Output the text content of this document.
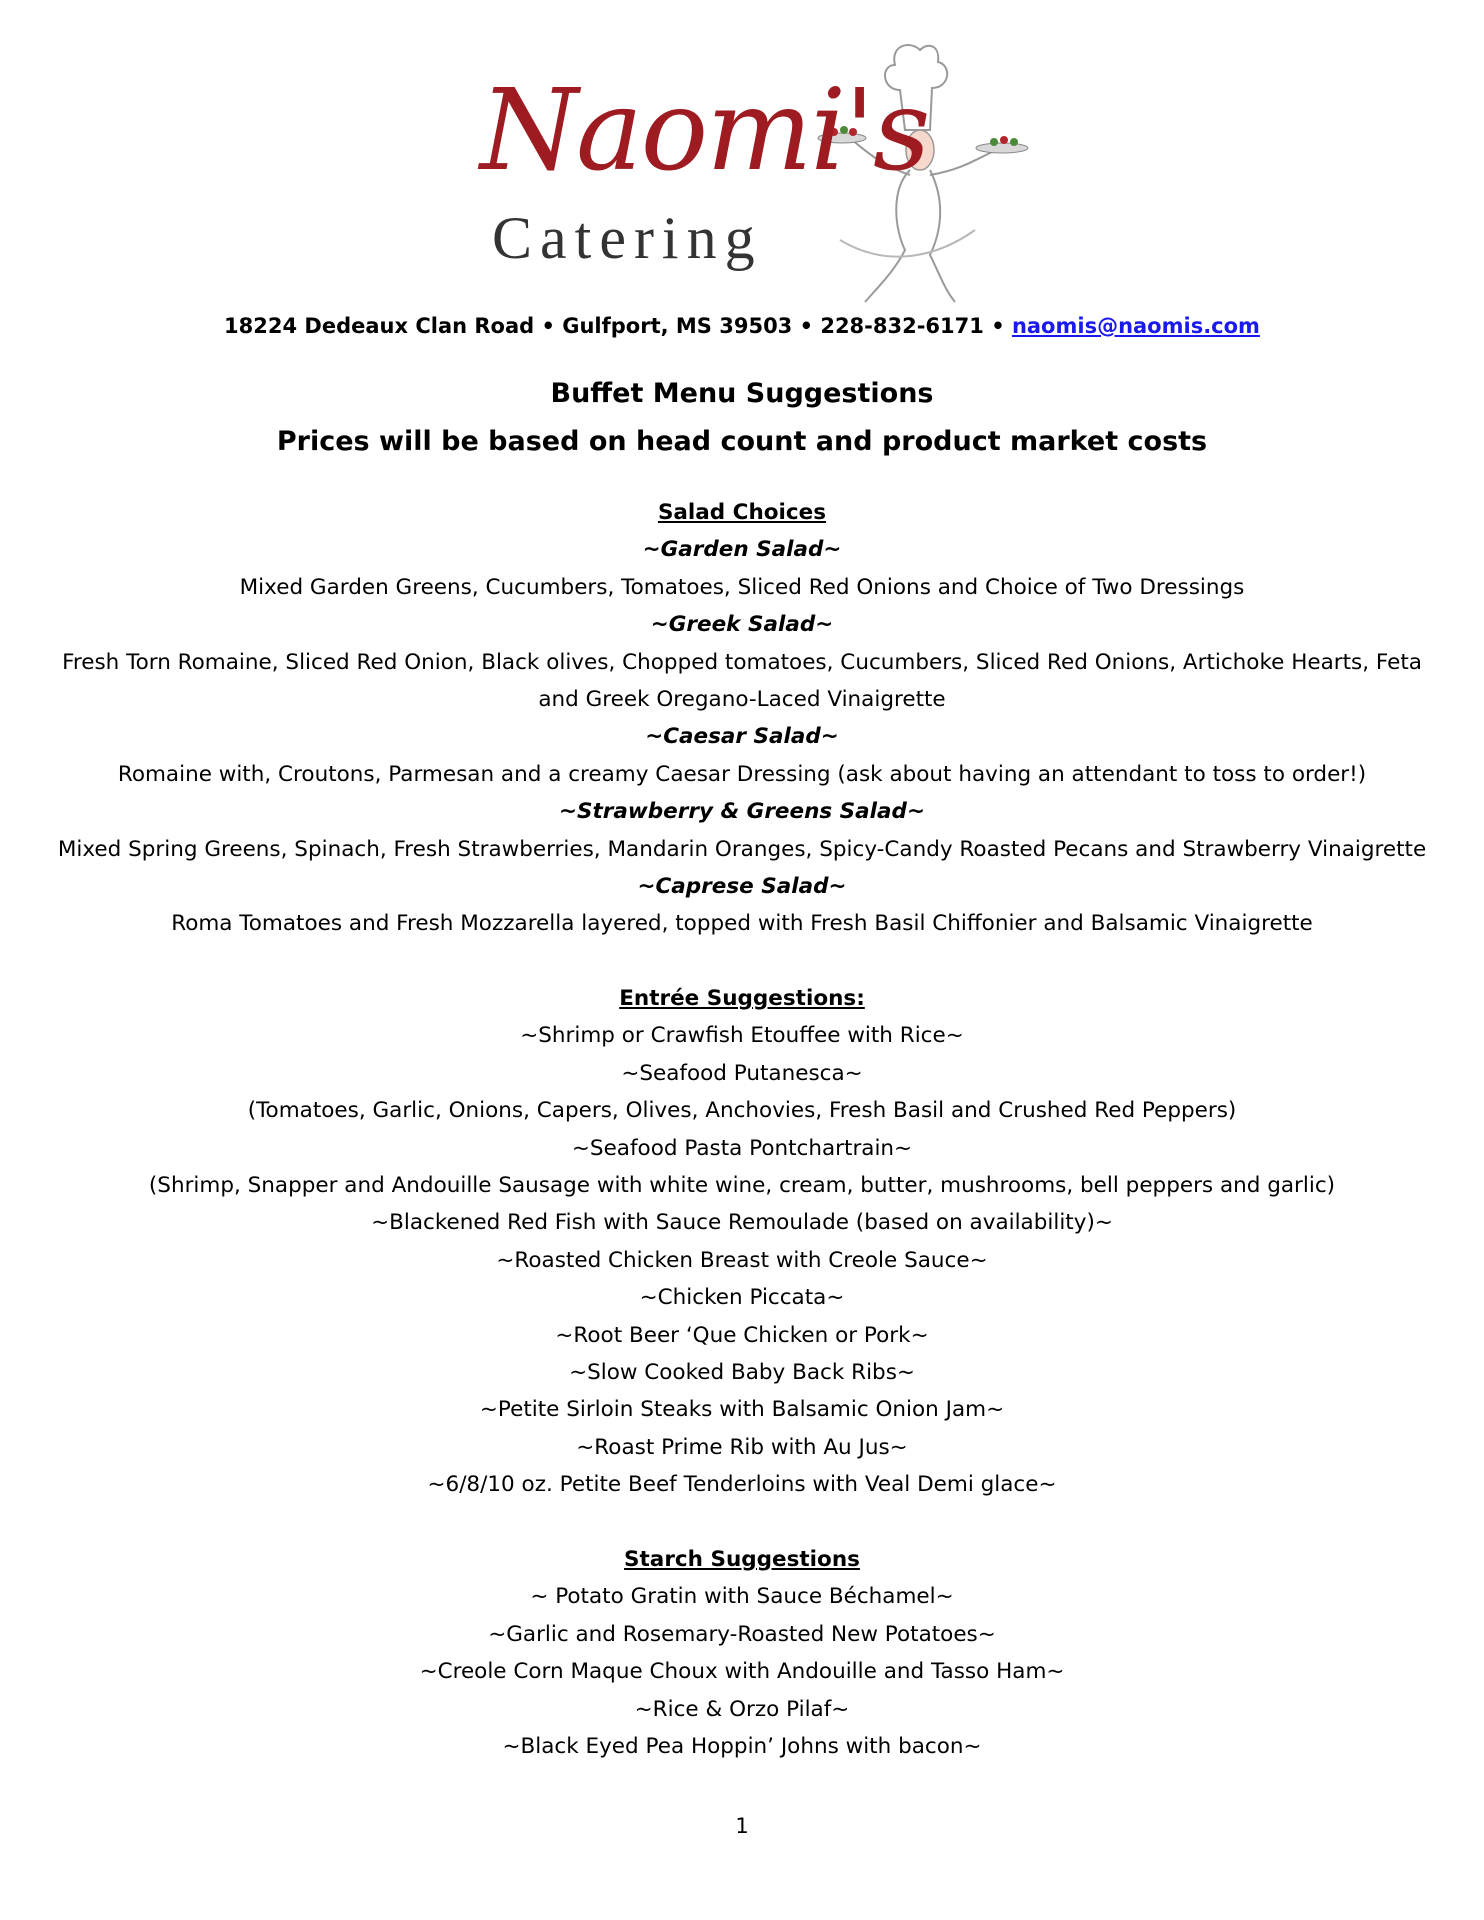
Naomi's
Catering
18224 Dedeaux Clan Road • Gulfport, MS 39503 • 228-832-6171 • naomis@naomis.com
Buffet Menu Suggestions
Prices will be based on head count and product market costs
Salad Choices
~Garden Salad~
Mixed Garden Greens, Cucumbers, Tomatoes, Sliced Red Onions and Choice of Two Dressings
~Greek Salad~
Fresh Torn Romaine, Sliced Red Onion, Black olives, Chopped tomatoes, Cucumbers, Sliced Red Onions, Artichoke Hearts, Feta
and Greek Oregano-Laced Vinaigrette
~Caesar Salad~
Romaine with, Croutons, Parmesan and a creamy Caesar Dressing (ask about having an attendant to toss to order!)
~Strawberry & Greens Salad~
Mixed Spring Greens, Spinach, Fresh Strawberries, Mandarin Oranges, Spicy-Candy Roasted Pecans and Strawberry Vinaigrette
~Caprese Salad~
Roma Tomatoes and Fresh Mozzarella layered, topped with Fresh Basil Chiffonier and Balsamic Vinaigrette
Entrée Suggestions:
~Shrimp or Crawfish Etouffee with Rice~
~Seafood Putanesca~
(Tomatoes, Garlic, Onions, Capers, Olives, Anchovies, Fresh Basil and Crushed Red Peppers)
~Seafood Pasta Pontchartrain~
(Shrimp, Snapper and Andouille Sausage with white wine, cream, butter, mushrooms, bell peppers and garlic)
~Blackened Red Fish with Sauce Remoulade (based on availability)~
~Roasted Chicken Breast with Creole Sauce~
~Chicken Piccata~
~Root Beer ‘Que Chicken or Pork~
~Slow Cooked Baby Back Ribs~
~Petite Sirloin Steaks with Balsamic Onion Jam~
~Roast Prime Rib with Au Jus~
~6/8/10 oz. Petite Beef Tenderloins with Veal Demi glace~
Starch Suggestions
~ Potato Gratin with Sauce Béchamel~
~Garlic and Rosemary-Roasted New Potatoes~
~Creole Corn Maque Choux with Andouille and Tasso Ham~
~Rice & Orzo Pilaf~
~Black Eyed Pea Hoppin’ Johns with bacon~
1
